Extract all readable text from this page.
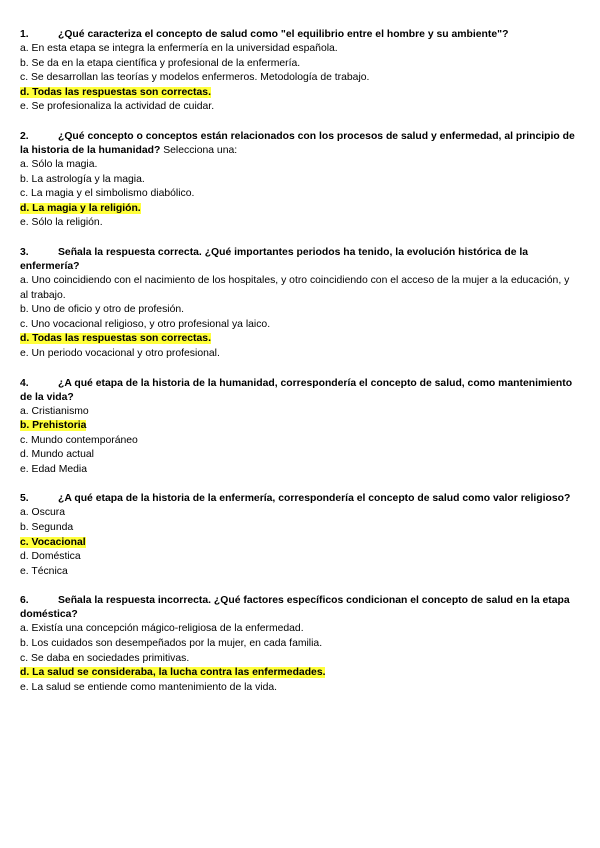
1.	¿Qué caracteriza el concepto de salud como "el equilibrio entre el hombre y su ambiente"?
a. En esta etapa se integra la enfermería en la universidad española.
b. Se da en la etapa científica y profesional de la enfermería.
c. Se desarrollan las teorías y modelos enfermeros. Metodología de trabajo.
d. Todas las respuestas son correctas.
e. Se profesionaliza la actividad de cuidar.
2.	¿Qué concepto o conceptos están relacionados con los procesos de salud y enfermedad, al principio de la historia de la humanidad? Selecciona una:
a. Sólo la magia.
b. La astrología y la magia.
c. La magia y el simbolismo diabólico.
d. La magia y la religión.
e. Sólo la religión.
3.	Señala la respuesta correcta. ¿Qué importantes periodos ha tenido, la evolución histórica de la enfermería?
a. Uno coincidiendo con el nacimiento de los hospitales, y otro coincidiendo con el acceso de la mujer a la educación, y al trabajo.
b. Uno de oficio y otro de profesión.
c. Uno vocacional religioso, y otro profesional ya laico.
d. Todas las respuestas son correctas.
e. Un periodo vocacional y otro profesional.
4.	¿A qué etapa de la historia de la humanidad, correspondería el concepto de salud, como mantenimiento de la vida?
a. Cristianismo
b. Prehistoria
c. Mundo contemporáneo
d. Mundo actual
e. Edad Media
5.	¿A qué etapa de la historia de la enfermería, correspondería el concepto de salud como valor religioso?
a. Oscura
b. Segunda
c. Vocacional
d. Doméstica
e. Técnica
6.	Señala la respuesta incorrecta. ¿Qué factores específicos condicionan el concepto de salud en la etapa doméstica?
a. Existía una concepción mágico-religiosa de la enfermedad.
b. Los cuidados son desempeñados por la mujer, en cada familia.
c. Se daba en sociedades primitivas.
d. La salud se consideraba, la lucha contra las enfermedades.
e. La salud se entiende como mantenimiento de la vida.
